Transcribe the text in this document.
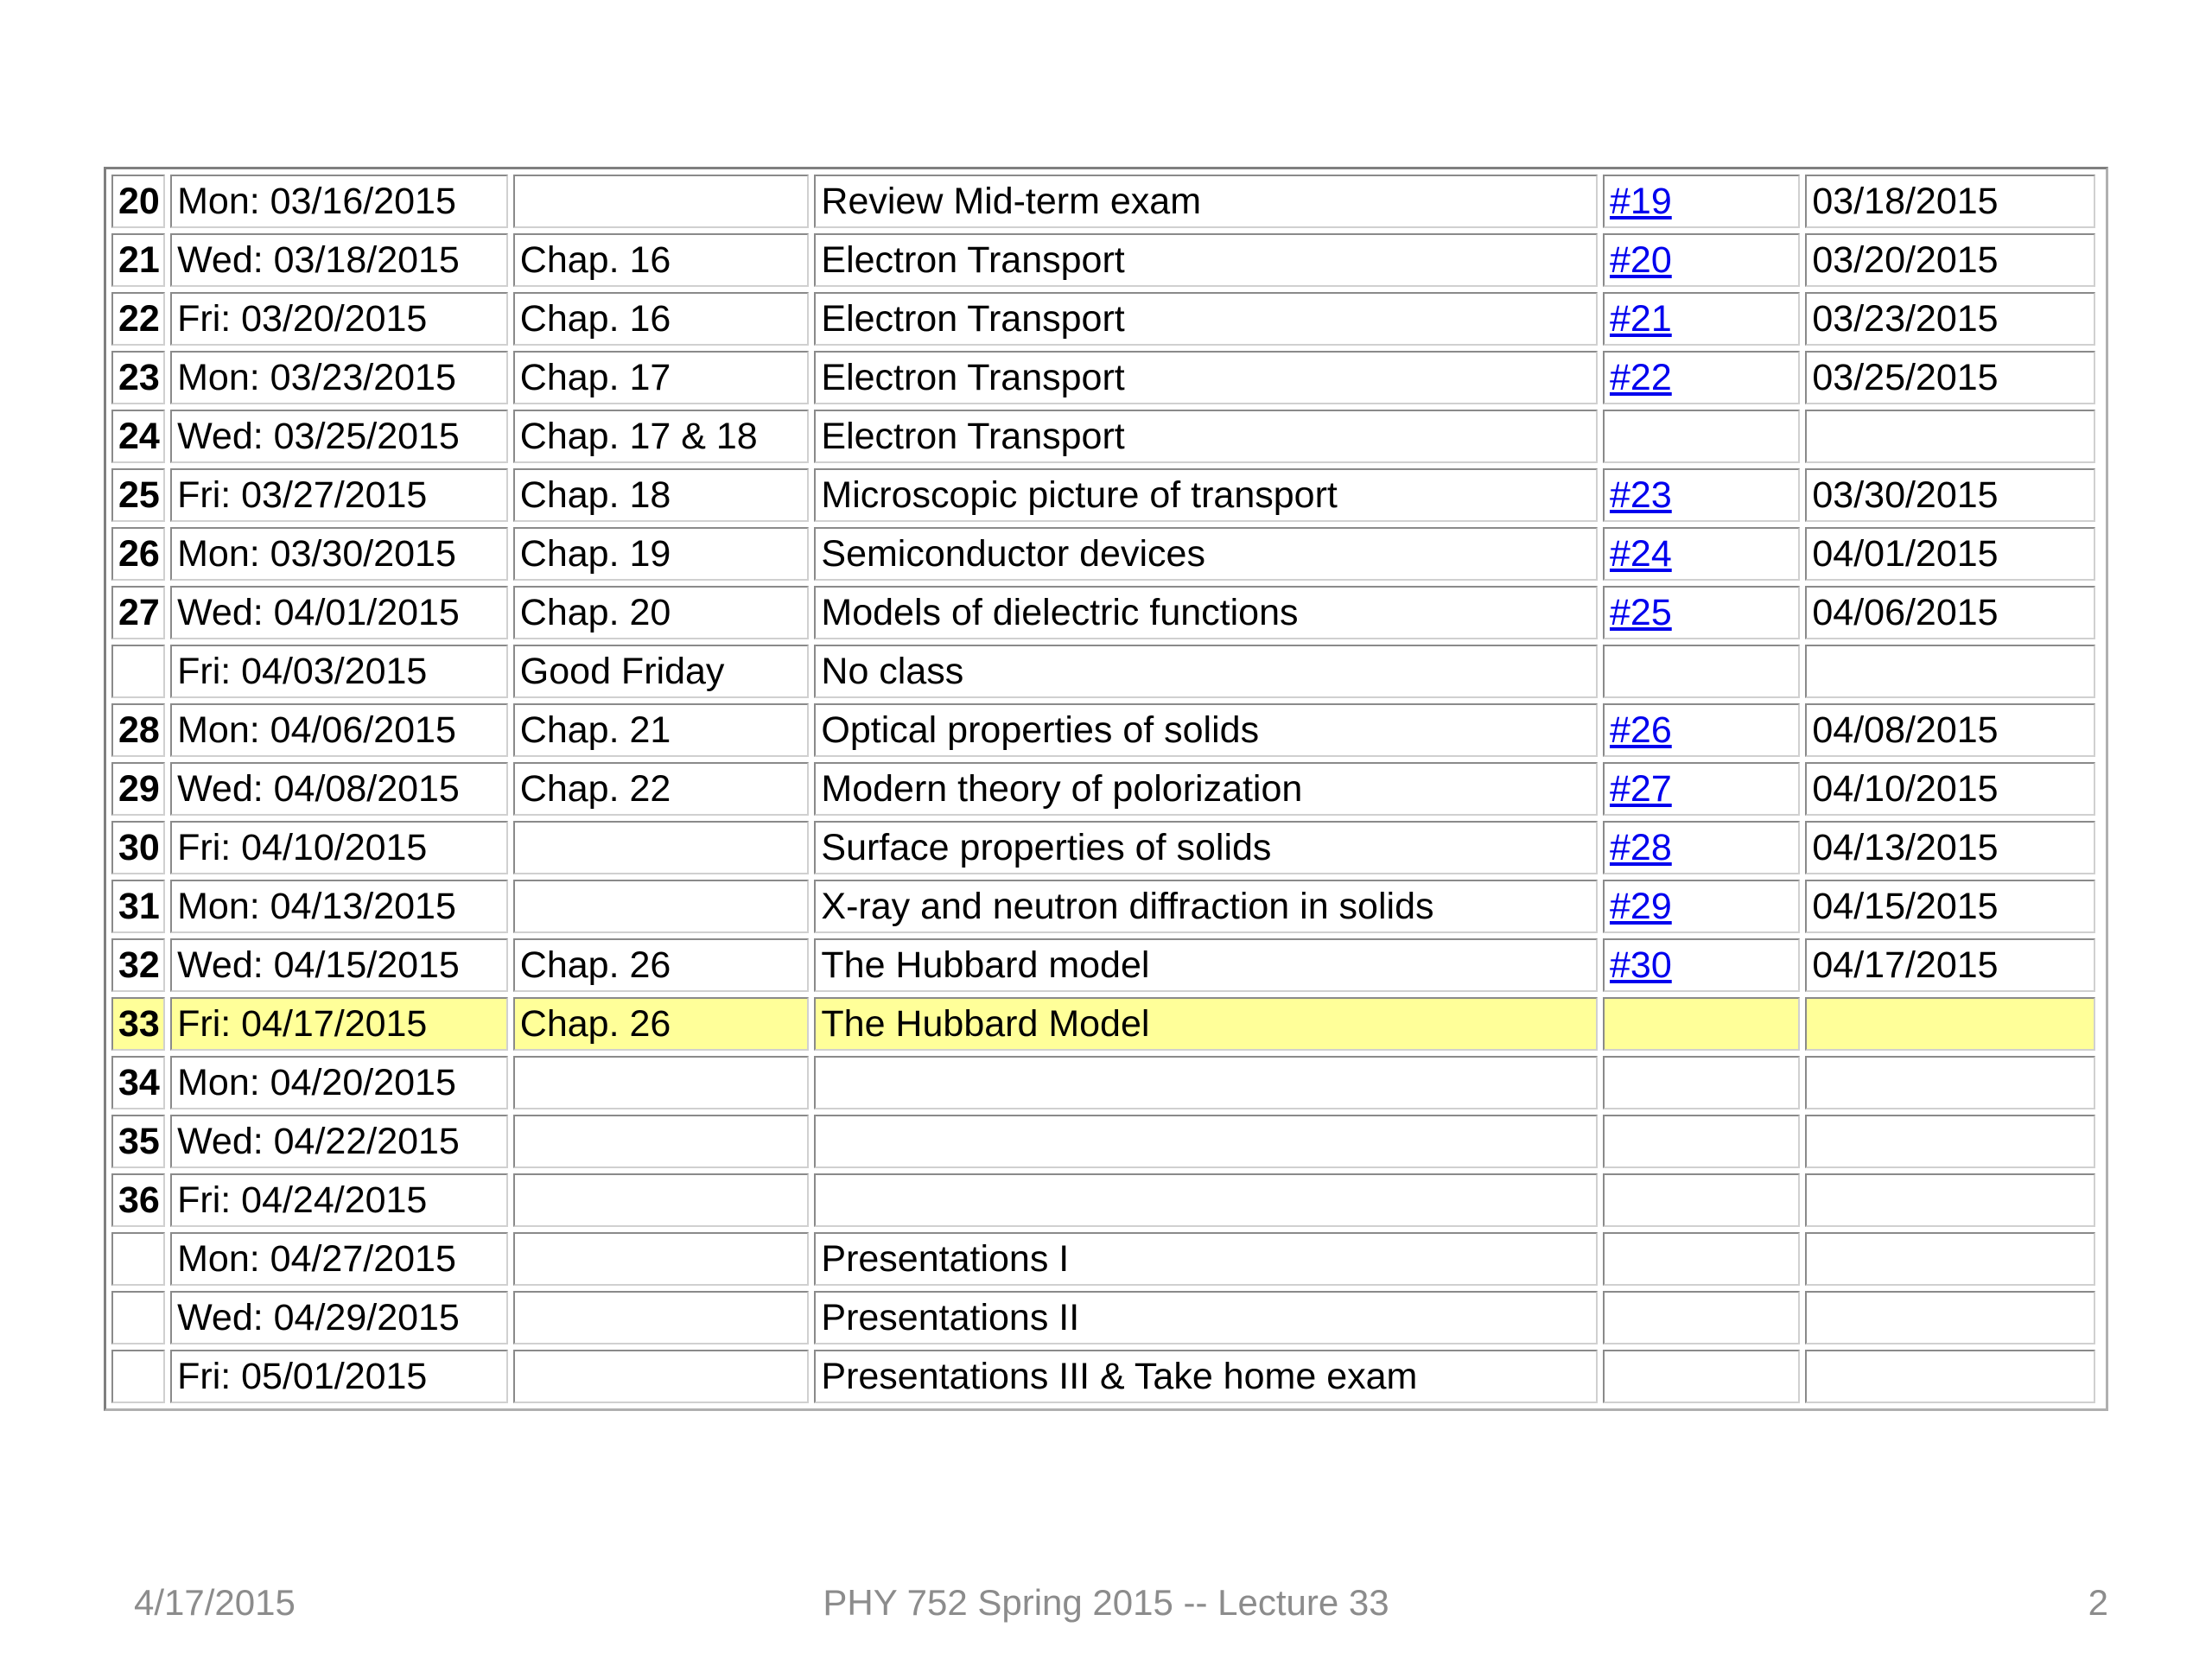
20	Mon: 03/16/2015		Review Mid-term exam	#19	03/18/2015
21	Wed: 03/18/2015	Chap. 16	Electron Transport	#20	03/20/2015
22	Fri: 03/20/2015	Chap. 16	Electron Transport	#21	03/23/2015
23	Mon: 03/23/2015	Chap. 17	Electron Transport	#22	03/25/2015
24	Wed: 03/25/2015	Chap. 17 & 18	Electron Transport		
25	Fri: 03/27/2015	Chap. 18	Microscopic picture of transport	#23	03/30/2015
26	Mon: 03/30/2015	Chap. 19	Semiconductor devices	#24	04/01/2015
27	Wed: 04/01/2015	Chap. 20	Models of dielectric functions	#25	04/06/2015
	Fri: 04/03/2015	Good Friday	No class		
28	Mon: 04/06/2015	Chap. 21	Optical properties of solids	#26	04/08/2015
29	Wed: 04/08/2015	Chap. 22	Modern theory of polorization	#27	04/10/2015
30	Fri: 04/10/2015		Surface properties of solids	#28	04/13/2015
31	Mon: 04/13/2015		X-ray and neutron diffraction in solids	#29	04/15/2015
32	Wed: 04/15/2015	Chap. 26	The Hubbard model	#30	04/17/2015
33	Fri: 04/17/2015	Chap. 26	The Hubbard Model		
34	Mon: 04/20/2015				
35	Wed: 04/22/2015				
36	Fri: 04/24/2015				
	Mon: 04/27/2015		Presentations I		
	Wed: 04/29/2015		Presentations II		
	Fri: 05/01/2015		Presentations III & Take home exam		
4/17/2015	PHY 752 Spring 2015 -- Lecture 33	2
